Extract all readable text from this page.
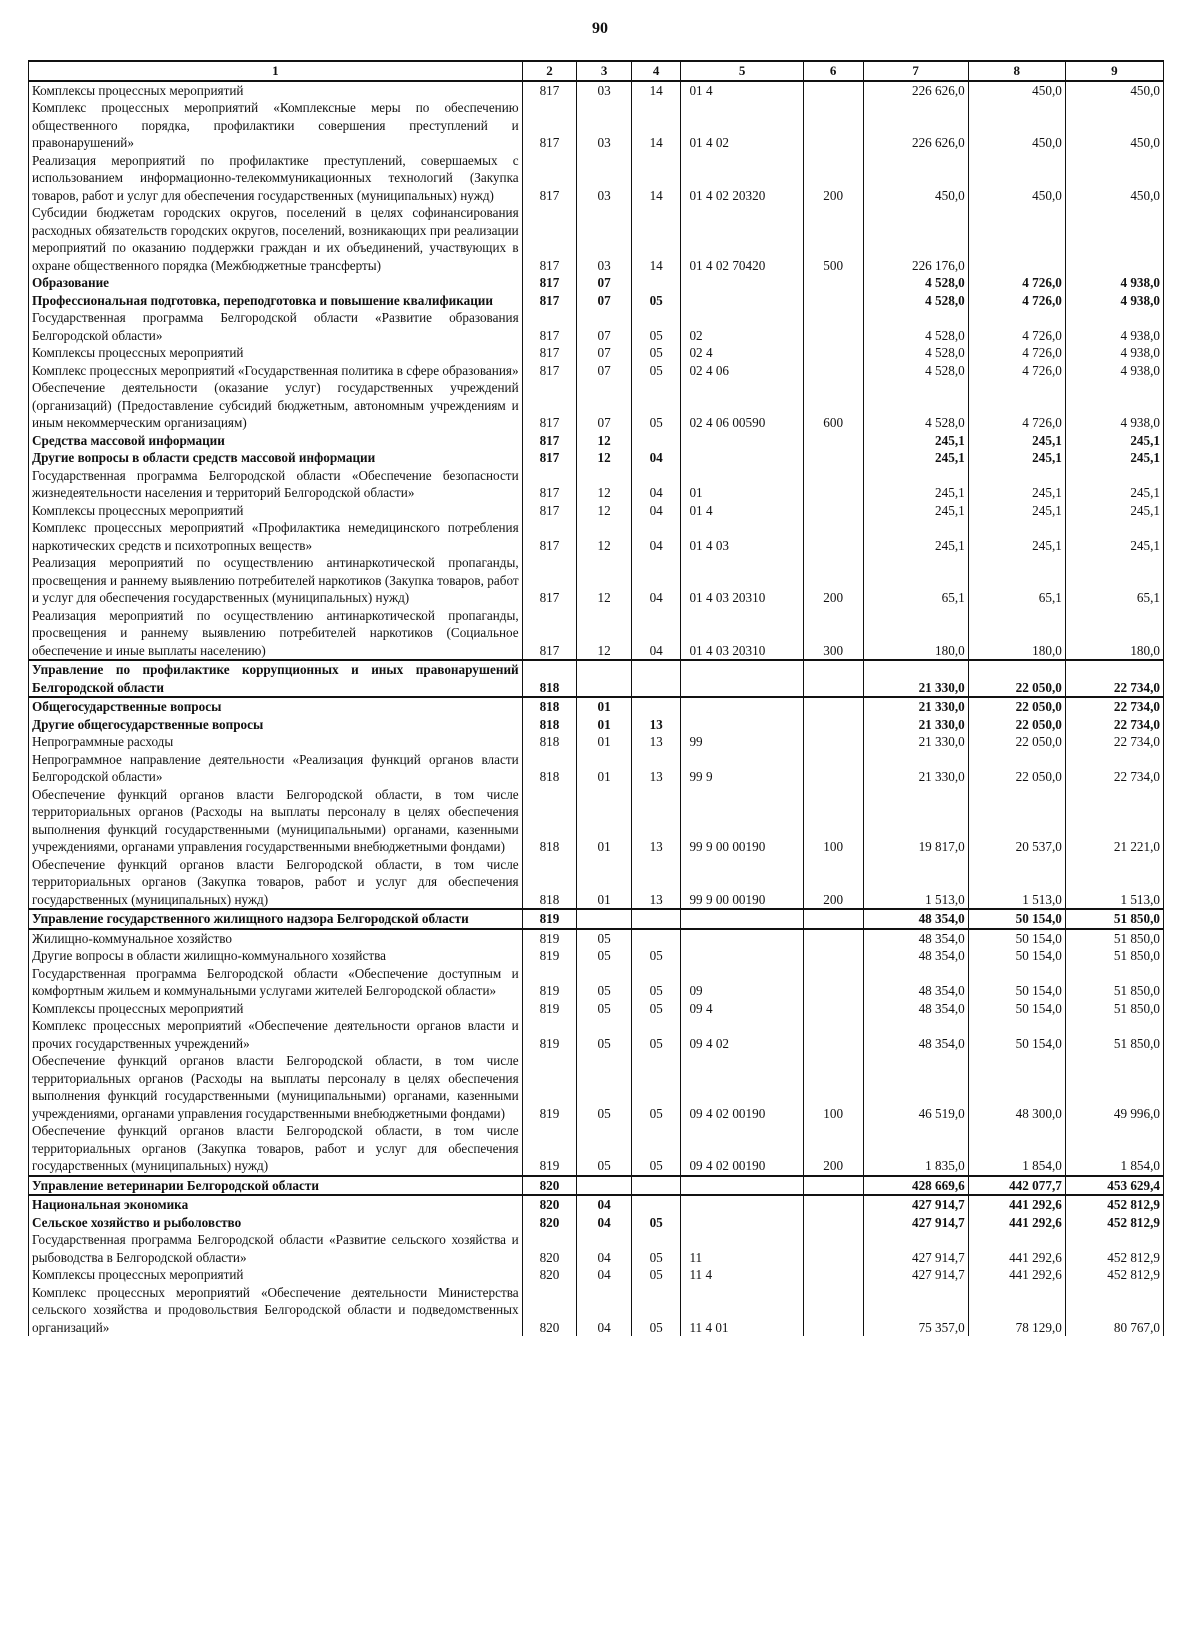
90
1	2	3	4	5	6	7	8	9
Комплексы процессных мероприятий	817	03	14	01 4		226 626,0	450,0	450,0
Комплекс процессных мероприятий «Комплексные меры по обеспечению общественного порядка, профилактики совершения преступлений и правонарушений»	817	03	14	01 4 02		226 626,0	450,0	450,0
Реализация мероприятий по профилактике преступлений, совершаемых с использованием информационно-телекоммуникационных технологий (Закупка товаров, работ и услуг для обеспечения государственных (муниципальных) нужд)	817	03	14	01 4 02 20320	200	450,0	450,0	450,0
Субсидии бюджетам городских округов, поселений в целях софинансирования расходных обязательств городских округов, поселений, возникающих при реализации мероприятий по оказанию поддержки граждан и их объединений, участвующих в охране общественного порядка (Межбюджетные трансферты)	817	03	14	01 4 02 70420	500	226 176,0		
Образование	817	07				4 528,0	4 726,0	4 938,0
Профессиональная подготовка, переподготовка и повышение квалификации	817	07	05			4 528,0	4 726,0	4 938,0
Государственная программа Белгородской области «Развитие образования Белгородской области»	817	07	05	02		4 528,0	4 726,0	4 938,0
Комплексы процессных мероприятий	817	07	05	02 4		4 528,0	4 726,0	4 938,0
Комплекс процессных мероприятий «Государственная политика в сфере образования»	817	07	05	02 4 06		4 528,0	4 726,0	4 938,0
Обеспечение деятельности (оказание услуг) государственных учреждений (организаций) (Предоставление субсидий бюджетным, автономным учреждениям и иным некоммерческим организациям)	817	07	05	02 4 06 00590	600	4 528,0	4 726,0	4 938,0
Средства массовой информации	817	12				245,1	245,1	245,1
Другие вопросы в области средств массовой информации	817	12	04			245,1	245,1	245,1
Государственная программа Белгородской области «Обеспечение безопасности жизнедеятельности населения и территорий Белгородской области»	817	12	04	01		245,1	245,1	245,1
Комплексы процессных мероприятий	817	12	04	01 4		245,1	245,1	245,1
Комплекс процессных мероприятий «Профилактика немедицинского потребления наркотических средств и психотропных веществ»	817	12	04	01 4 03		245,1	245,1	245,1
Реализация мероприятий по осуществлению антинаркотической пропаганды, просвещения и раннему выявлению потребителей наркотиков (Закупка товаров, работ и услуг для обеспечения государственных (муниципальных) нужд)	817	12	04	01 4 03 20310	200	65,1	65,1	65,1
Реализация мероприятий по осуществлению антинаркотической пропаганды, просвещения и раннему выявлению потребителей наркотиков (Социальное обеспечение и иные выплаты населению)	817	12	04	01 4 03 20310	300	180,0	180,0	180,0
Управление по профилактике коррупционных и иных правонарушений Белгородской области	818					21 330,0	22 050,0	22 734,0
Общегосударственные вопросы	818	01				21 330,0	22 050,0	22 734,0
Другие общегосударственные вопросы	818	01	13			21 330,0	22 050,0	22 734,0
Непрограммные расходы	818	01	13	99		21 330,0	22 050,0	22 734,0
Непрограммное направление деятельности «Реализация функций органов власти Белгородской области»	818	01	13	99 9		21 330,0	22 050,0	22 734,0
Обеспечение функций органов власти Белгородской области, в том числе территориальных органов (Расходы на выплаты персоналу в целях обеспечения выполнения функций государственными (муниципальными) органами, казенными учреждениями, органами управления государственными внебюджетными фондами)	818	01	13	99 9 00 00190	100	19 817,0	20 537,0	21 221,0
Обеспечение функций органов власти Белгородской области, в том числе территориальных органов (Закупка товаров, работ и услуг для обеспечения государственных (муниципальных) нужд)	818	01	13	99 9 00 00190	200	1 513,0	1 513,0	1 513,0
Управление государственного жилищного надзора Белгородской области	819					48 354,0	50 154,0	51 850,0
Жилищно-коммунальное хозяйство	819	05				48 354,0	50 154,0	51 850,0
Другие вопросы в области жилищно-коммунального хозяйства	819	05	05			48 354,0	50 154,0	51 850,0
Государственная программа Белгородской области «Обеспечение доступным и комфортным жильем и коммунальными услугами жителей Белгородской области»	819	05	05	09		48 354,0	50 154,0	51 850,0
Комплексы процессных мероприятий	819	05	05	09 4		48 354,0	50 154,0	51 850,0
Комплекс процессных мероприятий «Обеспечение деятельности органов власти и прочих государственных учреждений»	819	05	05	09 4 02		48 354,0	50 154,0	51 850,0
Обеспечение функций органов власти Белгородской области, в том числе территориальных органов (Расходы на выплаты персоналу в целях обеспечения выполнения функций государственными (муниципальными) органами, казенными учреждениями, органами управления государственными внебюджетными фондами)	819	05	05	09 4 02 00190	100	46 519,0	48 300,0	49 996,0
Обеспечение функций органов власти Белгородской области, в том числе территориальных органов (Закупка товаров, работ и услуг для обеспечения государственных (муниципальных) нужд)	819	05	05	09 4 02 00190	200	1 835,0	1 854,0	1 854,0
Управление ветеринарии Белгородской области	820					428 669,6	442 077,7	453 629,4
Национальная экономика	820	04				427 914,7	441 292,6	452 812,9
Сельское хозяйство и рыболовство	820	04	05			427 914,7	441 292,6	452 812,9
Государственная программа Белгородской области «Развитие сельского хозяйства и рыбоводства в Белгородской области»	820	04	05	11		427 914,7	441 292,6	452 812,9
Комплексы процессных мероприятий	820	04	05	11 4		427 914,7	441 292,6	452 812,9
Комплекс процессных мероприятий «Обеспечение деятельности Министерства сельского хозяйства и продовольствия Белгородской области и подведомственных организаций»	820	04	05	11 4 01		75 357,0	78 129,0	80 767,0
